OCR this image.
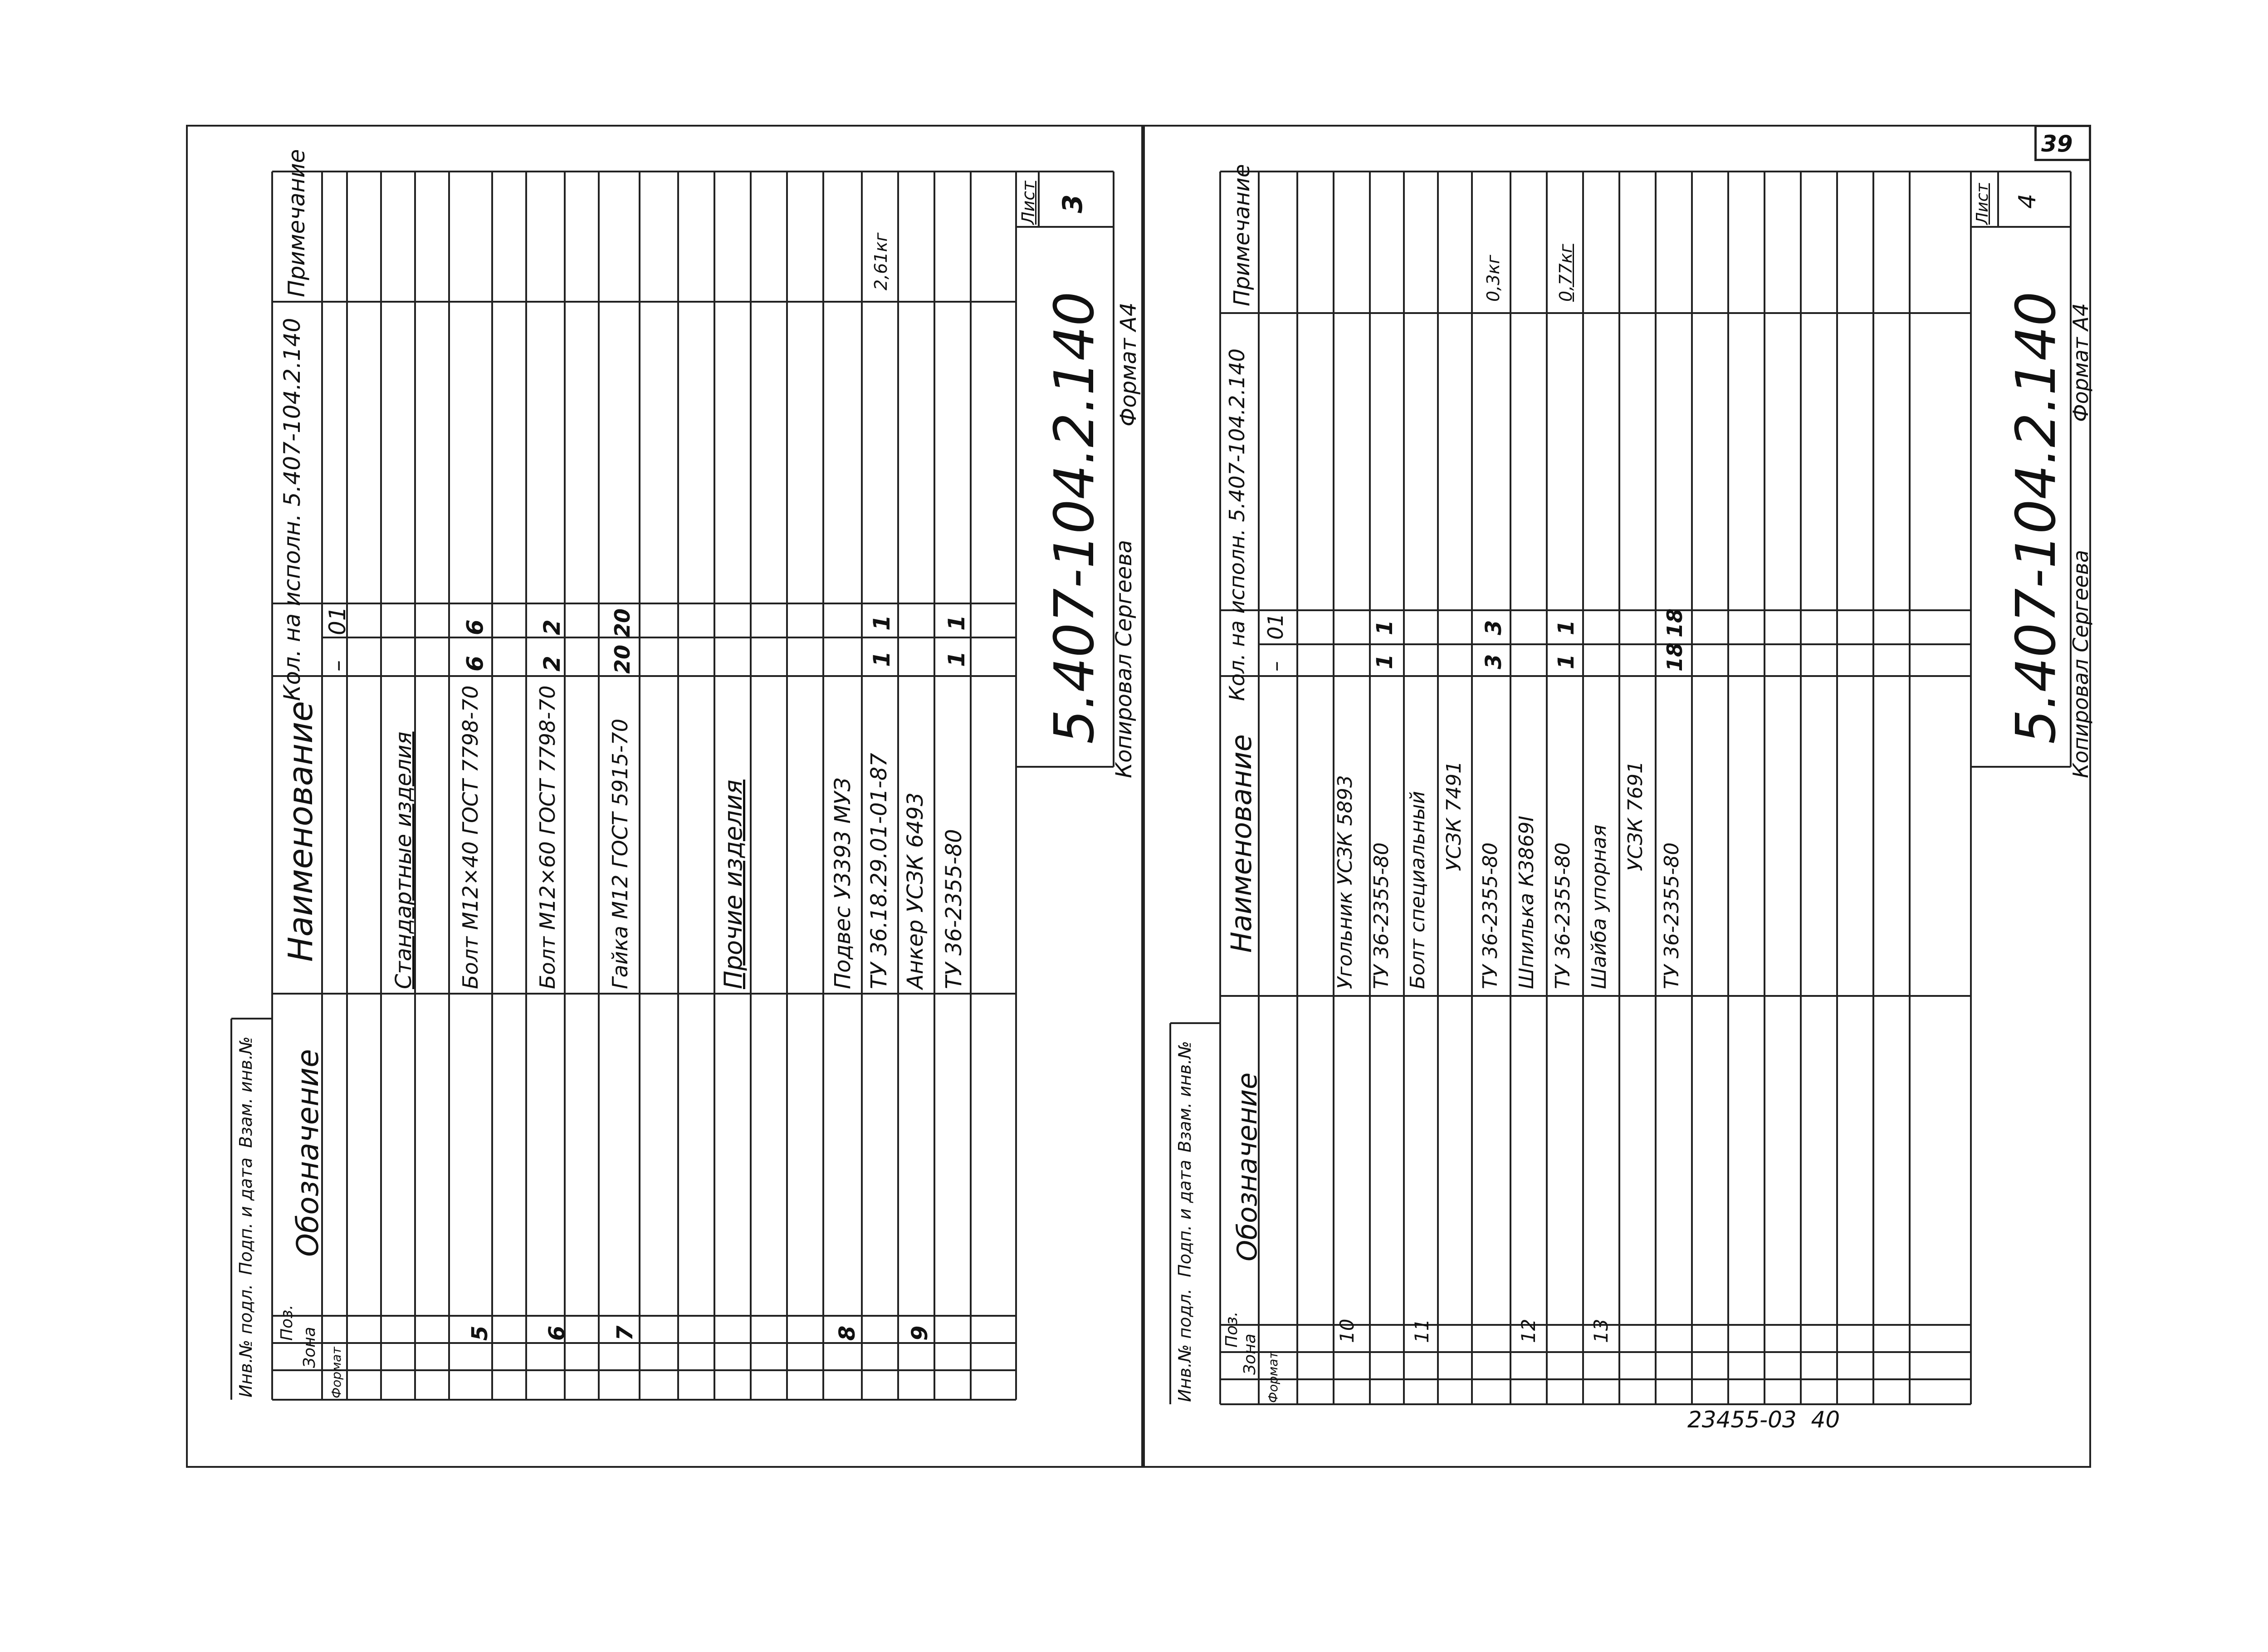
39
Инв.№ подл.
Подп. и дата
Взам. инв.№
Формат
Зона
Поз.
Обозначение
Наименование
Кол. на исполн. 5.407-104.2.140 –
01
Примечание
Стандартные изделия
5
Болт М12×40 ГОСТ 7798-70
6
6
6
Болт М12×60 ГОСТ 7798-70
2
2
7
Гайка М12 ГОСТ 5915-70
20
20
Прочие изделия
8
Подвес У3393 МУЗ ТУ 36.18.29.01-01-87
1
1
2,61кг
9
Анкер УСЗК 6493 ТУ 36-2355-80
1
1 5.407-104.2.140
Лист 3
Копировал Сергеева
Формат А4
Инв.№ подл.
Подп. и дата
Взам. инв.№
Формат
Зона
Поз.
Обозначение
Наименование
Кол. на исполн. 5.407-104.2.140 –
01
Примечание
10
Угольник УСЗК 5893 ТУ 36-2355-80
1
1
11
Болт специальный УСЗК 7491
ТУ 36-2355-80
3
3
0,3кг
12
Шпилька К3869I ТУ 36-2355-80
1
1
0,77кг
13
Шайба упорная
УСЗК 7691
ТУ 36-2355-80
18
18	5.407-104.2.140
Лист 4
Копировал Сергеева
Формат А4
23455-03  40
